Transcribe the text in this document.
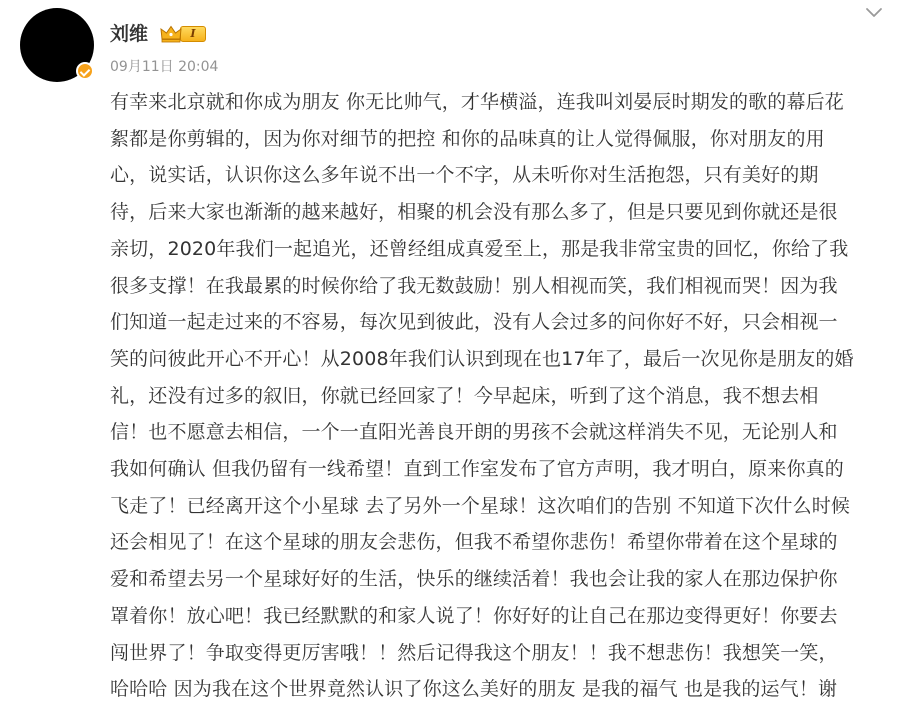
刘维	I
09月11日 20:04
有幸来北京就和你成为朋友 你无比帅气，才华横溢，连我叫刘晏辰时期发的歌的幕后花
絮都是你剪辑的，因为你对细节的把控 和你的品味真的让人觉得佩服，你对朋友的用
心，说实话，认识你这么多年说不出一个不字，从未听你对生活抱怨，只有美好的期
待，后来大家也渐渐的越来越好，相聚的机会没有那么多了，但是只要见到你就还是很
亲切，2020年我们一起追光，还曾经组成真爱至上，那是我非常宝贵的回忆，你给了我
很多支撑！在我最累的时候你给了我无数鼓励！别人相视而笑，我们相视而哭！因为我
们知道一起走过来的不容易，每次见到彼此，没有人会过多的问你好不好，只会相视一
笑的问彼此开心不开心！从2008年我们认识到现在也17年了，最后一次见你是朋友的婚
礼，还没有过多的叙旧，你就已经回家了！今早起床，听到了这个消息，我不想去相
信！也不愿意去相信，一个一直阳光善良开朗的男孩不会就这样消失不见，无论别人和
我如何确认 但我仍留有一线希望！直到工作室发布了官方声明，我才明白，原来你真的
飞走了！已经离开这个小星球 去了另外一个星球！这次咱们的告别 不知道下次什么时候
还会相见了！在这个星球的朋友会悲伤，但我不希望你悲伤！希望你带着在这个星球的
爱和希望去另一个星球好好的生活，快乐的继续活着！我也会让我的家人在那边保护你
罩着你！放心吧！我已经默默的和家人说了！你好好的让自己在那边变得更好！你要去
闯世界了！争取变得更厉害哦！！然后记得我这个朋友！！我不想悲伤！我想笑一笑，
哈哈哈 因为我在这个世界竟然认识了你这么美好的朋友 是我的福气 也是我的运气！谢
